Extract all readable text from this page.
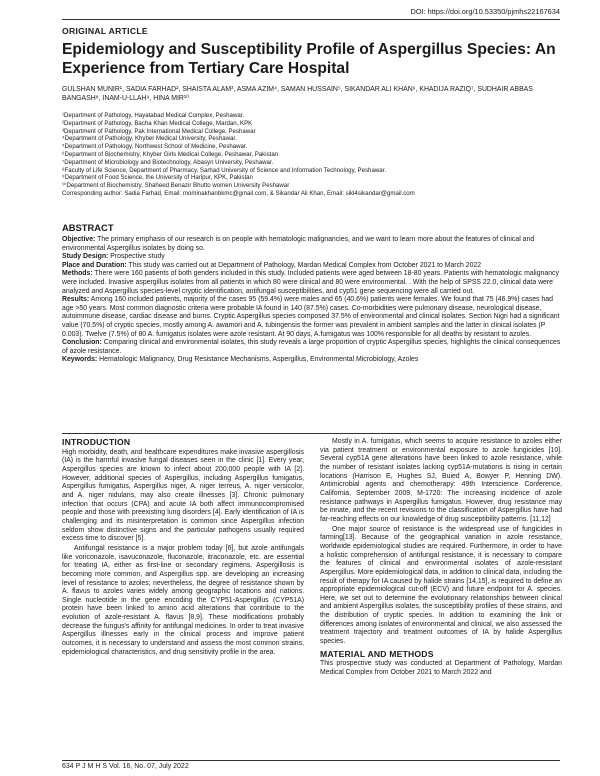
DOI: https://doi.org/10.53350/pjmhs22167634
ORIGINAL ARTICLE
Epidemiology and Susceptibility Profile of Aspergillus Species: An Experience from Tertiary Care Hospital
GULSHAN MUNIR¹, SADIA FARHAD², SHAISTA ALAM³, ASMA AZIM⁴, SAMAN HUSSAIN⁵, SIKANDAR ALI KHAN⁶, KHADIJA RAZIQ⁷, SUDHAIR ABBAS BANGASH⁸, INAM-U-LLAH⁹, HINA MIR¹⁰
¹Department of Pathology, Hayatabad Medical Complex, Peshawar.
²Department of Pathology, Bacha Khan Medical College, Mardan, KPK
³Department of Pathology, Pak International Medical College, Peshawar
⁴Department of Pathology, Khyber Medical University, Peshawar.
⁵Department of Pathology, Northwest School of Medicine, Peshawar.
⁶Department of Biochemistry, Khyber Girls Medical College, Peshawar, Pakistan
⁷Department of Microbiology and Biotechnology, Abasyn University, Peshawar.
⁸Faculty of Life Science, Department of Pharmacy, Sarhad University of Science and Information Technology, Peshawar.
⁹Department of Food Science, the University of Haripur, KPK, Pakistan
¹⁰Department of Biochemistry, Shaheed Benazir Bhutto women University Peshawar
Corresponding author: Sadia Farhad, Email: mominakhanbkmc@gmail.com, & Sikandar Ali Khan, Email: sikl4sikandar@gmail.com
ABSTRACT

Objective: The primary emphasis of our research is on people with hematologic malignancies, and we want to learn more about the features of clinical and environmental Aspergillus isolates by doing so.

Study Design: Prospective study

Place and Duration: This study was carried out at Department of Pathology, Mardan Medical Complex from October 2021 to March 2022

Methods: There were 160 patients of both genders included in this study. Included patients were aged between 18-80 years. Patients with hematologic malignancy were included. Invasive aspergillus isolates from all patients in which 80 were clinical and 80 were environmental. . With the help of SPSS 22.0, clinical data were analyzed and Aspergillus species-level cryptic identification, antifungal susceptibilities, and cyp51 gene sequencing were all carried out.

Results: Among 160 included patients, majority of the cases 95 (59.4%) were males and 65 (40.6%) patients were females. We found that 75 (46.9%) cases had age >50 years. Most common diagnostic criteria were probable IA found in 140 (87.5%) cases. Co-morbidities were pulmonary disease, neurological disease, autoimmune disease, cardiac disease and burns. Cryptic Aspergillus species composed 37.5% of environmental and clinical isolates. Section Nigri had a significant value (70.5%) of cryptic species, mostly among A. awamori and A. tubingensis the former was prevalent in ambient samples and the latter in clinical isolates (P 0.003). Twelve (7.5%) of 80 A. fumigatus isolates were azole resistant. At 90 days, A.fumigatus was 100% responsible for all deaths by resistant to azoles.

Conclusion: Comparing clinical and environmental isolates, this study reveals a large proportion of cryptic Aspergillus species, highlights the clinical consequences of azole resistance.

Keywords: Hematologic Malignancy, Drug Resistance Mechanisms, Aspergillus, Environmental Microbiology, Azoles

INTRODUCTION

High morbidity, death, and healthcare expenditures make invasive aspergillosis (IA) is the harmful invasive fungal diseases seen in the clinic [1]. Every year, Aspergillus species are known to infect about 200,000 people with IA [2]. However, additional species of Aspergillus, including Aspergillus fumigatus, Aspergillus fumigatus, Aspergillus niger, A. niger terreus, A. niger versicolor, and A. niger nidulans, may also create illnesses [3]. Chronic pulmonary infection that occurs (CPA) and acute IA both affect immunocompromised people and those with preexisting lung disorders [4]. Early identification of IA is challenging and its misinterpretation is common since Aspergillus infection seldom show distinctive signs and the particular pathogens usually required excess time to discover [5].

Antifungal resistance is a major problem today [6], but azole antifungals like voriconazole, isavuconazole, fluconazole, itraconazole, etc. are essential for treating IA, either as first-line or secondary regimens. Aspergillosis is becoming more common, and Aspergillus spp. are developing an increasing level of resistance to azoles; nevertheless, the degree of resistance shown by A. flavus to azoles varies widely among geographic locations and nations. Single nucleotide in the gene encoding the CYP51-Aspergillus (CYP51A) protein have been linked to amino acid alterations that contribute to the evolution of azole-resistant A. flavus [8,9]. These modifications probably decrease the fungus's affinity for antifungal medicines. In order to treat invasive Aspergillus illnesses early in the clinical process and improve patient outcomes, it is necessary to understand and assess the most common strains, epidemiological characteristics, and drug sensitivity profile in the area.

Mostly in A. fumigatus, which seems to acquire resistance to azoles either via patient treatment or environmental exposure to azole fungicides [10]. Several cyp51A gene alterations have been linked to azole resistance, while the number of resistant isolates lacking cyp51A-mutations is rising in certain locations (Harrison E, Hughes SJ, Buied A, Bowyer P, Henning DW). Antimicrobial agents and chemotherapy: 49th Interscience Conference, California, September 2009, M-1720: The increasing incidence of azole resistance pathways in Aspergillus fumigatus. However, drug resistance may be innate, and the recent revisions to the classification of Aspergillus have had far-reaching effects on our knowledge of drug susceptibility patterns. [11,12]

One major source of resistance is the widespread use of fungicides in farming[13]. Because of the geographical variation in azole resistance, worldwide epidemiological studies are required. Furthermore, in order to have a holistic comprehension of antifungal resistance, it is necessary to compare the features of clinical and environmental isolates of azole-resistant Aspergillus. More epidemiological data, in addition to clinical data, including the result of therapy for IA caused by halide strains [14,15], is required to define an appropriate epidemiological cut-off (ECV) and future endpoint for A. species. Here, we set out to determine the evolutionary relationships between clinical and ambient Aspergillus isolates, the susceptibility profiles of these strains, and the distribution of cryptic species. In addition to examining the link or differences among isolates of environmental and clinical, we also assessed the treatment trajectory and treatment outcomes of IA by halide Aspergillus species.

MATERIAL AND METHODS

This prospective study was conducted at Department of Pathology, Mardan Medical Complex from October 2021 to March 2022 and

634 P J M H S Vol. 16, No. 07, July 2022
